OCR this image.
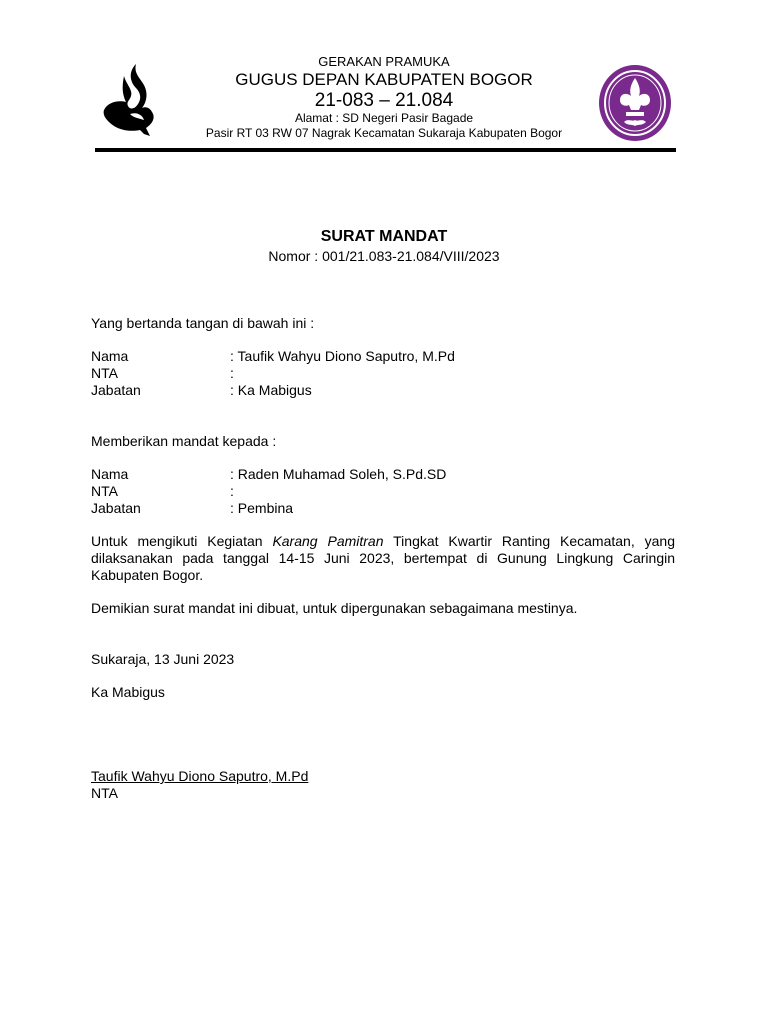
GERAKAN PRAMUKA
GUGUS DEPAN KABUPATEN BOGOR
21-083 – 21.084
Alamat : SD Negeri Pasir Bagade
Pasir RT 03 RW 07 Nagrak Kecamatan Sukaraja Kabupaten Bogor
SURAT MANDAT
Nomor : 001/21.083-21.084/VIII/2023
Yang bertanda tangan di bawah ini :
Nama	: Taufik Wahyu Diono Saputro, M.Pd
NTA	:
Jabatan	: Ka Mabigus
Memberikan mandat kepada :
Nama	: Raden Muhamad Soleh, S.Pd.SD
NTA	:
Jabatan	: Pembina
Untuk mengikuti Kegiatan Karang Pamitran Tingkat Kwartir Ranting Kecamatan, yang dilaksanakan pada tanggal 14-15 Juni 2023, bertempat di Gunung Lingkung Caringin Kabupaten Bogor.
Demikian surat mandat ini dibuat, untuk dipergunakan sebagaimana mestinya.
Sukaraja, 13 Juni 2023
Ka Mabigus
Taufik Wahyu Diono Saputro, M.Pd
NTA
